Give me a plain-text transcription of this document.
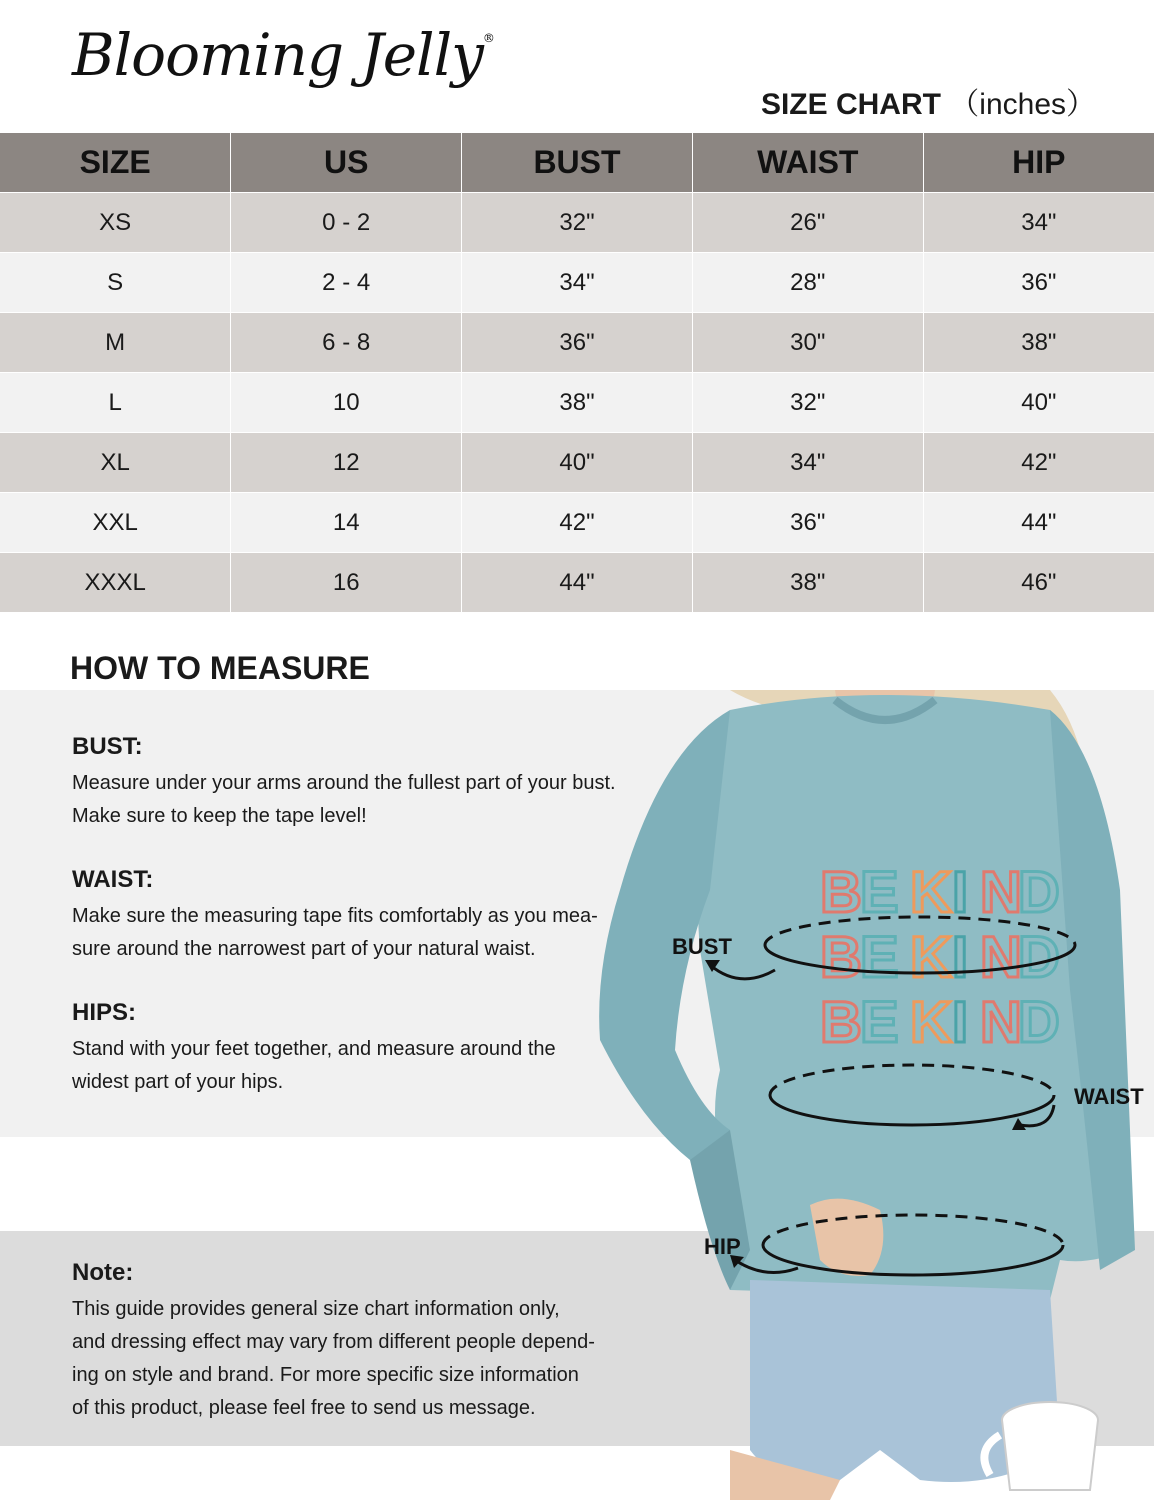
Blooming Jelly®
SIZE CHART （inches）
SIZE	US	BUST	WAIST	HIP
XS	0 - 2	32"	26"	34"
S	2 - 4	34"	28"	36"
M	6 - 8	36"	30"	38"
L	10	38"	32"	40"
XL	12	40"	34"	42"
XXL	14	42"	36"	44"
XXXL	16	44"	38"	46"
HOW TO MEASURE
BUST:

Measure under your arms around the fullest part of your bust.

Make sure to keep the tape level!

WAIST:

Make sure the measuring tape fits comfortably as you mea-

sure around the narrowest part of your natural waist.

HIPS:

Stand with your feet together, and measure around the

widest part of your hips.

Note:

This guide provides general size chart information only,

and dressing effect may vary from different people depend-

ing on style and brand. For more specific size information

of this product, please feel free to send us message.

B
E K I N
D
B
E K I N
D
B
E K I N
D
BUST
WAIST
HIP
